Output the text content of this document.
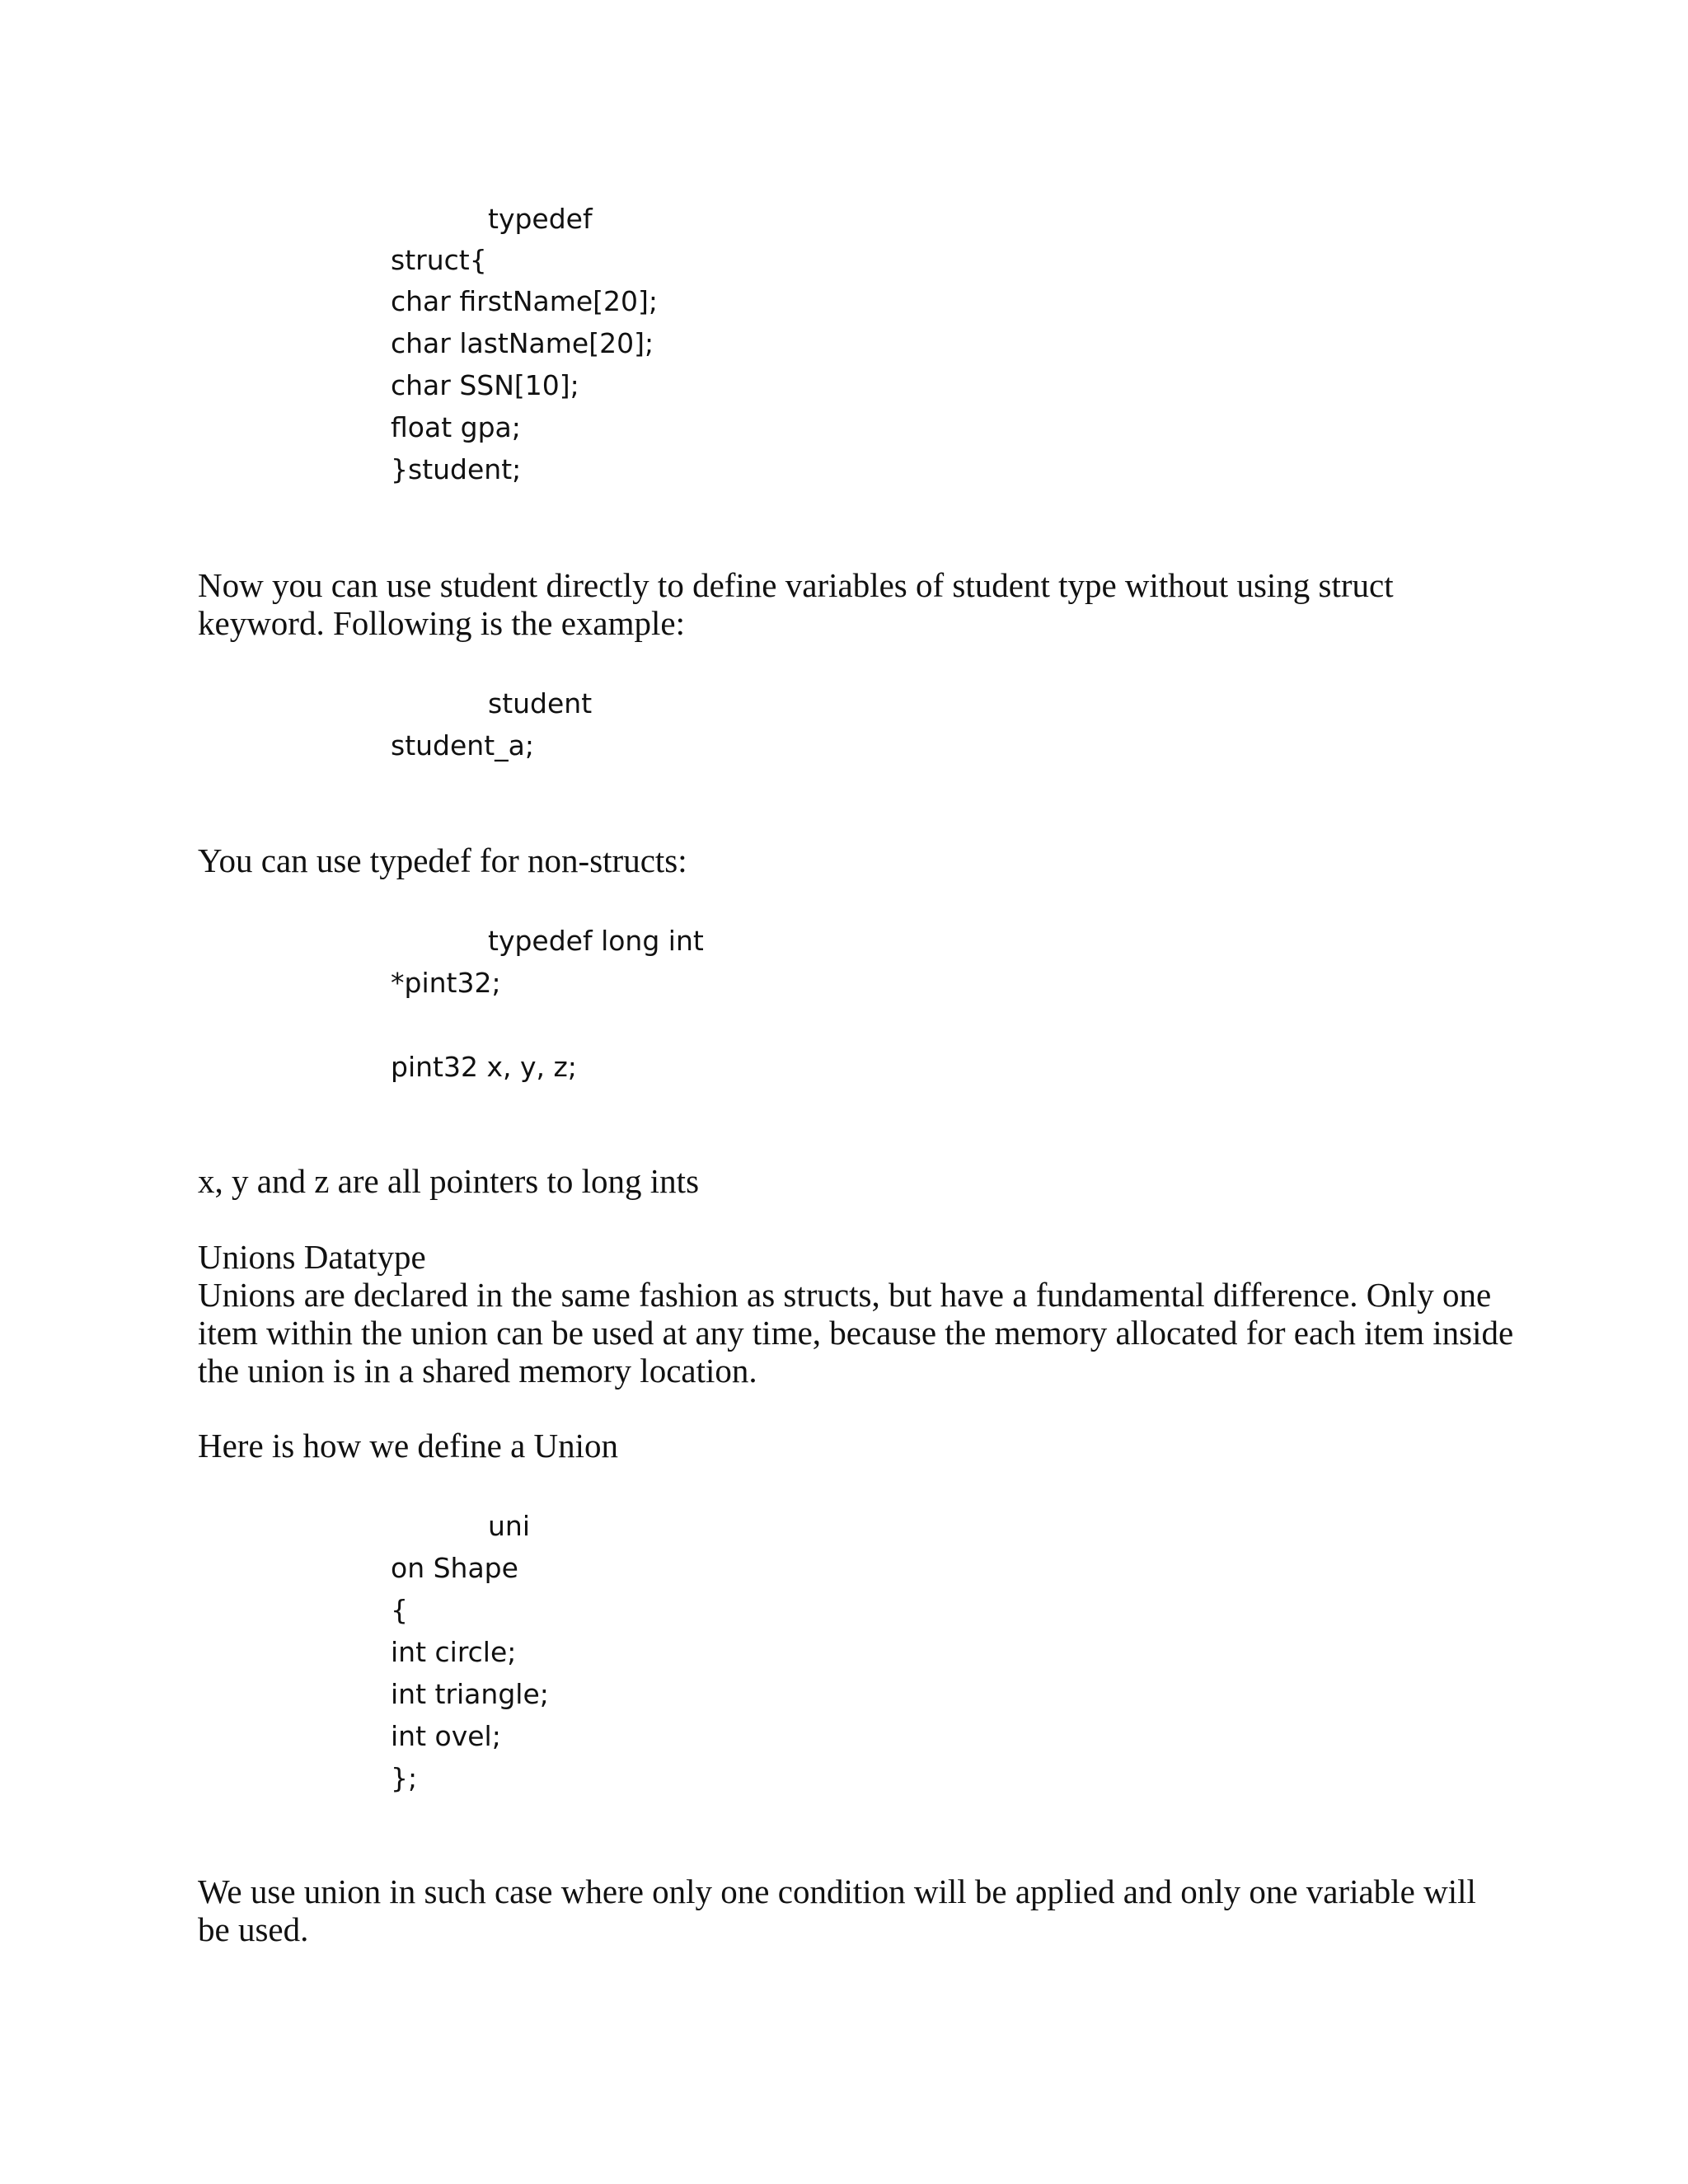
typedef
struct{
char firstName[20];
char lastName[20];
char SSN[10];
float gpa;
}student;
Now you can use student directly to define variables of student type without using struct
keyword. Following is the example:
student
student_a;
You can use typedef for non-structs:
typedef long int
*pint32;
pint32 x, y, z;
x, y and z are all pointers to long ints
Unions Datatype
Unions are declared in the same fashion as structs, but have a fundamental difference. Only one
item within the union can be used at any time, because the memory allocated for each item inside
the union is in a shared memory location.
Here is how we define a Union
uni
on Shape
{
int circle;
int triangle;
int ovel;
};
We use union in such case where only one condition will be applied and only one variable will
be used.
